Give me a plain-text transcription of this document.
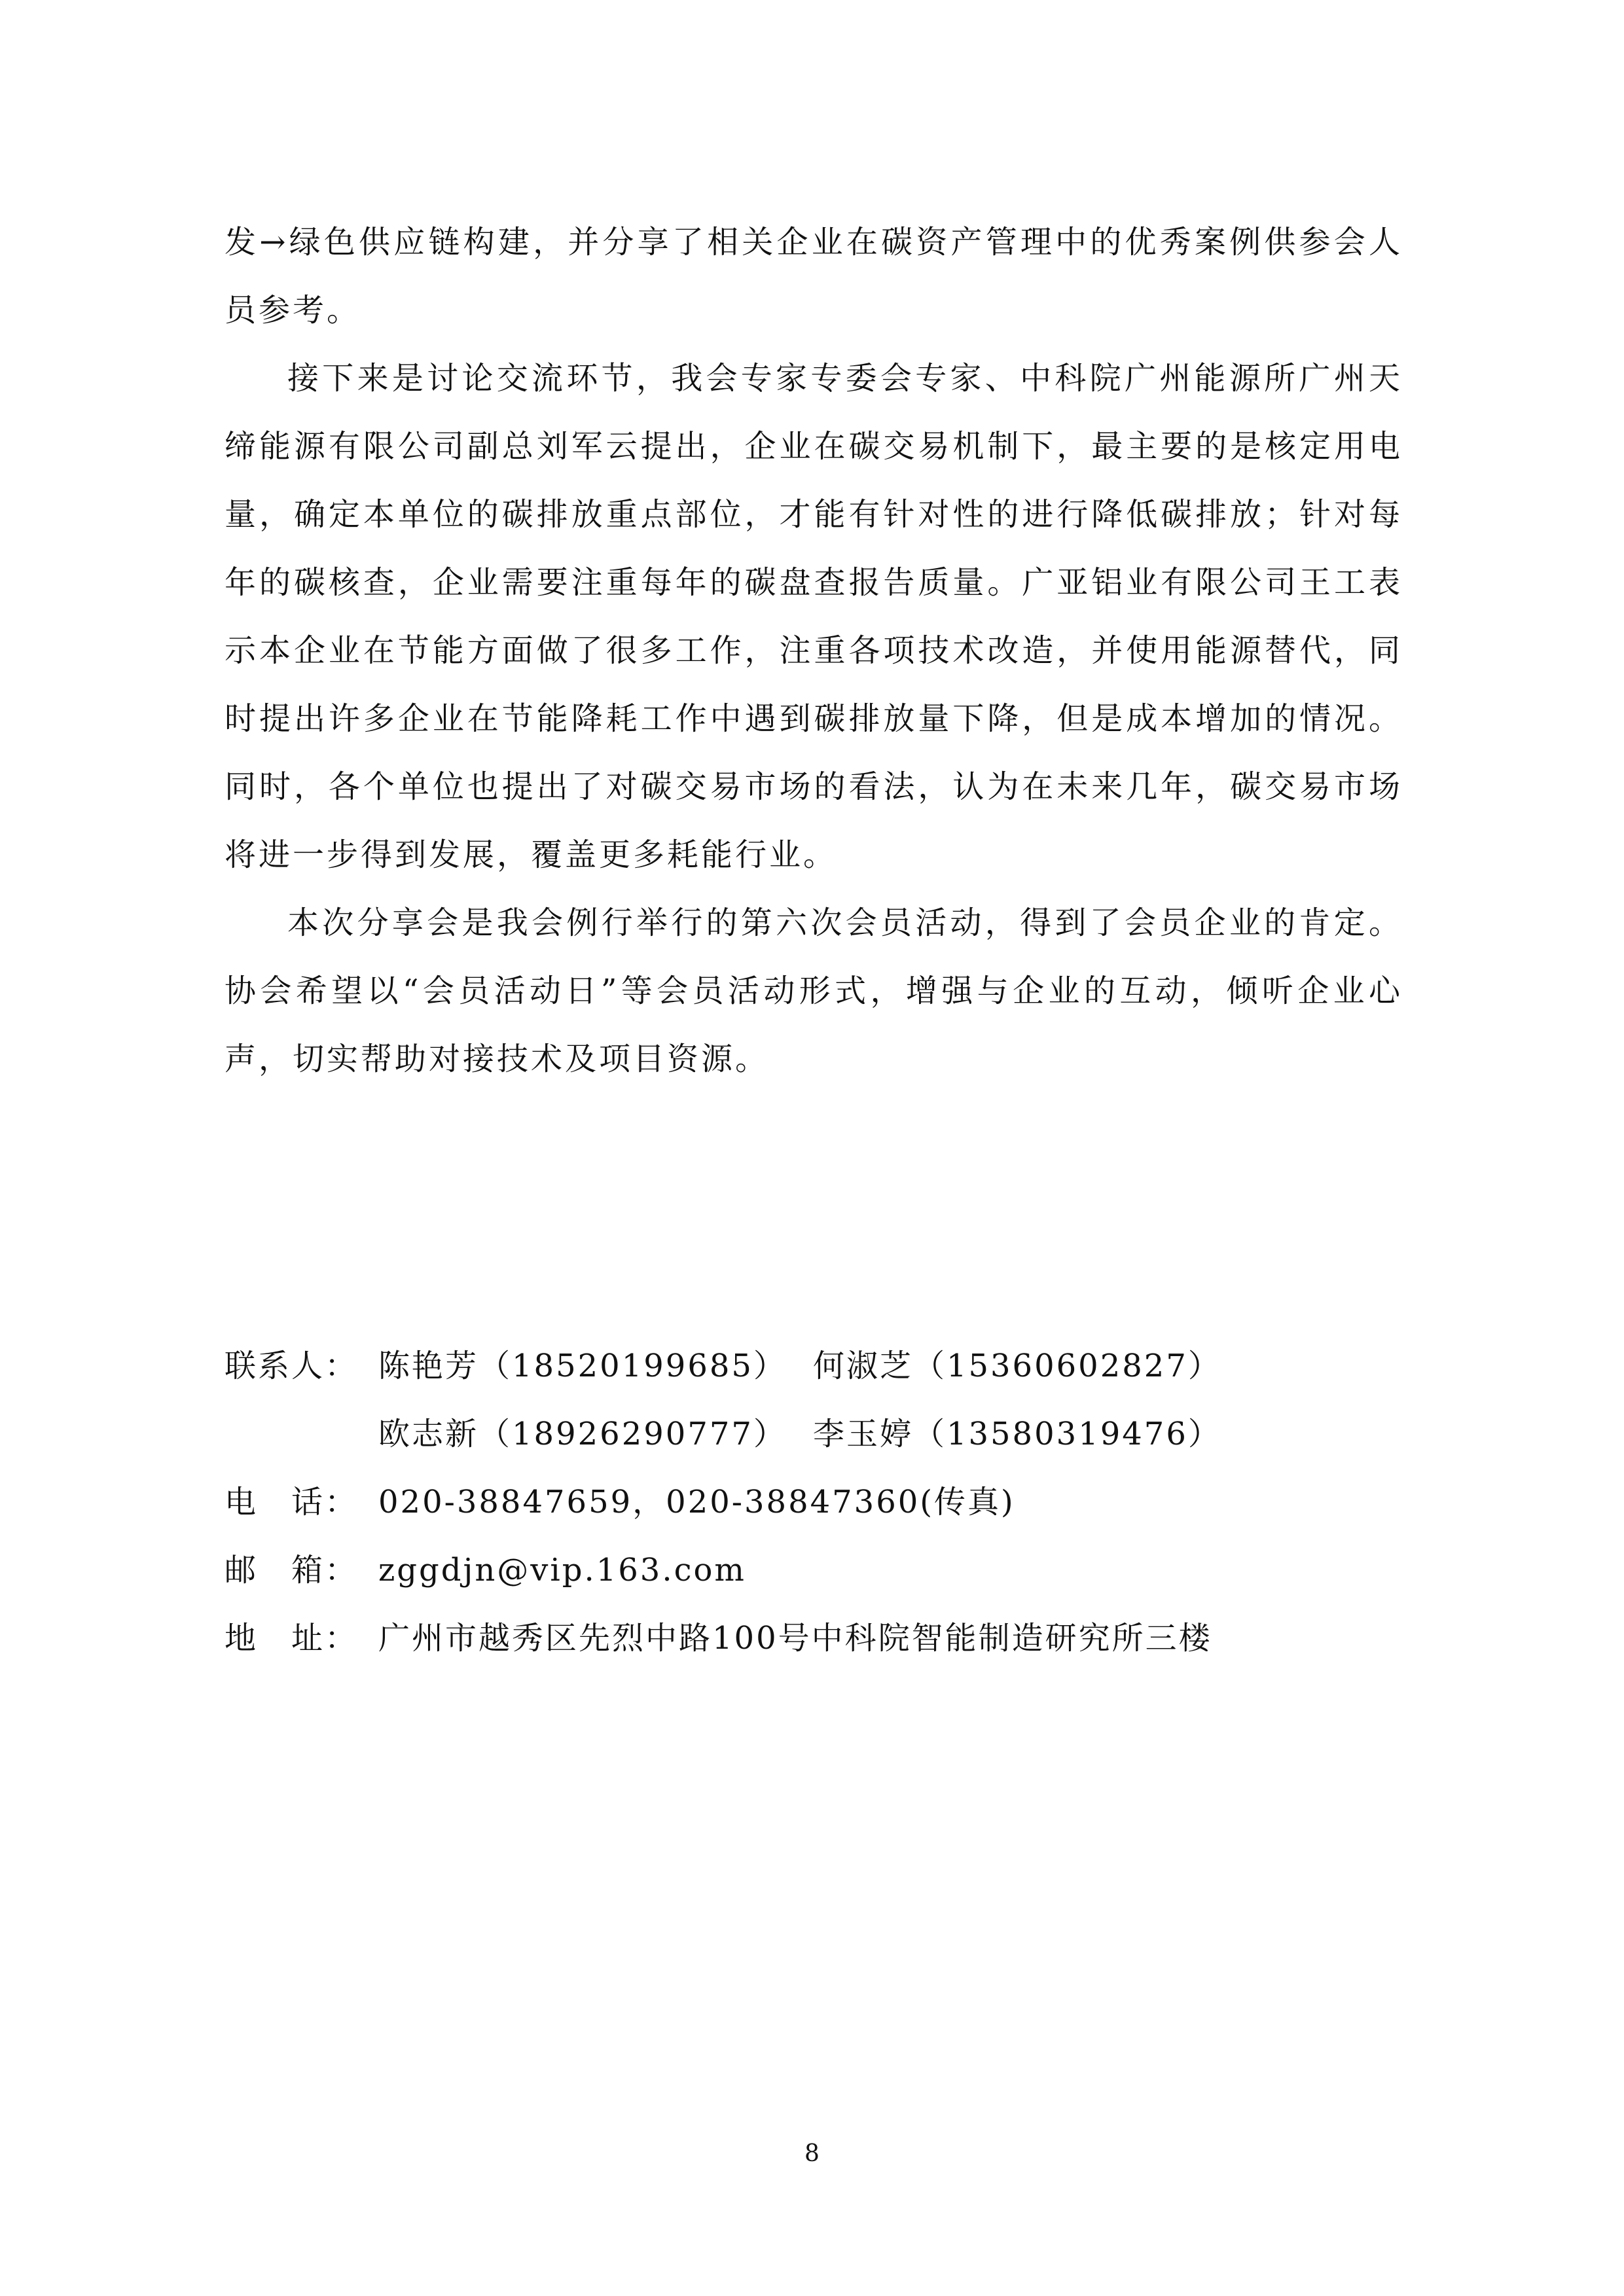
发→绿色供应链构建，并分享了相关企业在碳资产管理中的优秀案例供参会人员参考。

接下来是讨论交流环节，我会专家专委会专家、中科院广州能源所广州天缔能源有限公司副总刘军云提出，企业在碳交易机制下，最主要的是核定用电量，确定本单位的碳排放重点部位，才能有针对性的进行降低碳排放；针对每年的碳核查，企业需要注重每年的碳盘查报告质量。广亚铝业有限公司王工表示本企业在节能方面做了很多工作，注重各项技术改造，并使用能源替代，同时提出许多企业在节能降耗工作中遇到碳排放量下降，但是成本增加的情况。同时，各个单位也提出了对碳交易市场的看法，认为在未来几年，碳交易市场将进一步得到发展，覆盖更多耗能行业。

本次分享会是我会例行举行的第六次会员活动，得到了会员企业的肯定。协会希望以“会员活动日”等会员活动形式，增强与企业的互动，倾听企业心声，切实帮助对接技术及项目资源。

联系人： 陈艳芳（18520199685） 何淑芝（15360602827）
欧志新（18926290777） 李玉婷（13580319476）
电　话： 020-38847659，020-38847360(传真)
邮　箱： zggdjn@vip.163.com
地　址： 广州市越秀区先烈中路100号中科院智能制造研究所三楼
8
